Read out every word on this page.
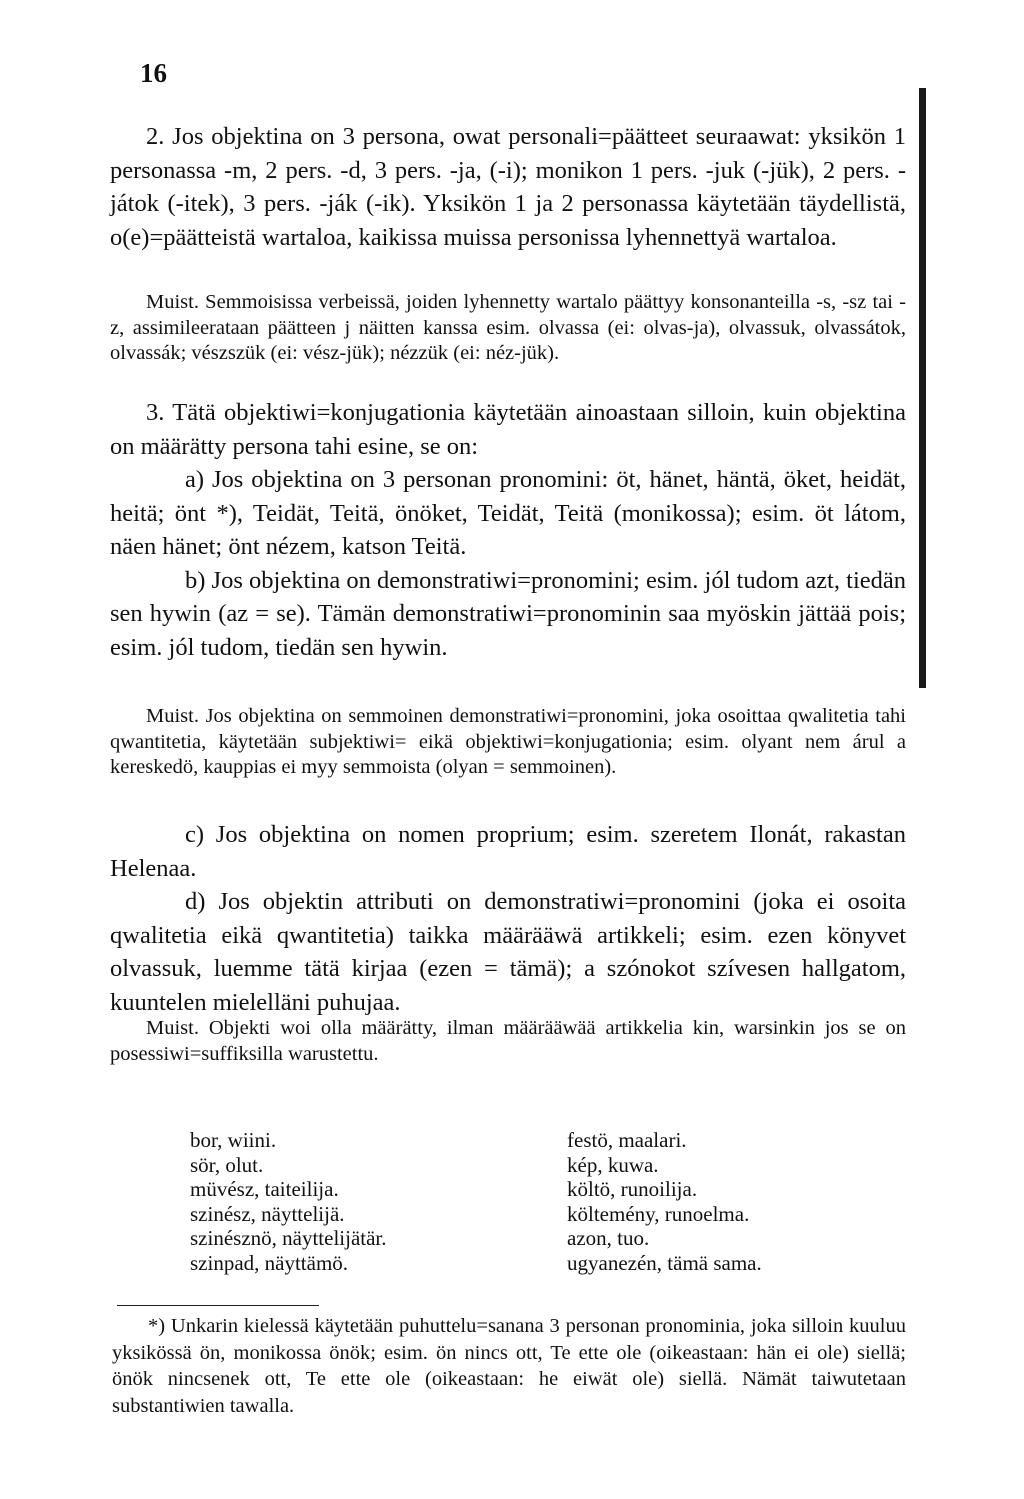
16

2. Jos objektina on 3 persona, owat personali=päätteet seuraawat: yksikön 1 personassa -m, 2 pers. -d, 3 pers. -ja, (-i); monikon 1 pers. -juk (-jük), 2 pers. -játok (-itek), 3 pers. -ják (-ik). Yksikön 1 ja 2 personassa käytetään täydellistä, o(e)=päätteistä wartaloa, kaikissa muissa personissa lyhennettyä wartaloa.

Muist. Semmoisissa verbeissä, joiden lyhennetty wartalo päättyy konsonanteilla -s, -sz tai -z, assimileerataan päätteen j näitten kanssa esim. olvassa (ei: olvas-ja), olvassuk, olvassátok, olvassák; vészszük (ei: vész-jük); nézzük (ei: néz-jük).

3. Tätä objektiwi=konjugationia käytetään ainoastaan silloin, kuin objektina on määrätty persona tahi esine, se on:

a) Jos objektina on 3 personan pronomini: öt, hänet, häntä, öket, heidät, heitä; önt *), Teidät, Teitä, önöket, Teidät, Teitä (monikossa); esim. öt látom, näen hänet; önt nézem, katson Teitä.

b) Jos objektina on demonstratiwi=pronomini; esim. jól tudom azt, tiedän sen hywin (az = se). Tämän demonstratiwi=pronominin saa myöskin jättää pois; esim. jól tudom, tiedän sen hywin.

Muist. Jos objektina on semmoinen demonstratiwi=pronomini, joka osoittaa qwalitetia tahi qwantitetia, käytetään subjektiwi= eikä objektiwi=konjugationia; esim. olyant nem árul a kereskedö, kauppias ei myy semmoista (olyan = semmoinen).

c) Jos objektina on nomen proprium; esim. szeretem Ilonát, rakastan Helenaa.

d) Jos objektin attributi on demonstratiwi=pronomini (joka ei osoita qwalitetia eikä qwantitetia) taikka määrääwä artikkeli; esim. ezen könyvet olvassuk, luemme tätä kirjaa (ezen = tämä); a szónokot szívesen hallgatom, kuuntelen mielelläni puhujaa.

Muist. Objekti woi olla määrätty, ilman määrääwää artikkelia kin, warsinkin jos se on posessiwi=suffiksilla warustettu.

bor, wiini.
sör, olut.
müvész, taiteilija.
szinész, näyttelijä.
szinésznö, näyttelijätär.
szinpad, näyttämö.
festö, maalari.
kép, kuwa.
költö, runoilija.
költemény, runoelma.
azon, tuo.
ugyanezén, tämä sama.

*) Unkarin kielessä käytetään puhuttelu=sanana 3 personan pronominia, joka silloin kuuluu yksikössä ön, monikossa önök; esim. ön nincs ott, Te ette ole (oikeastaan: hän ei ole) siellä; önök nincsenek ott, Te ette ole (oikeastaan: he eiwät ole) siellä. Nämät taiwutetaan substantiwien tawalla.
